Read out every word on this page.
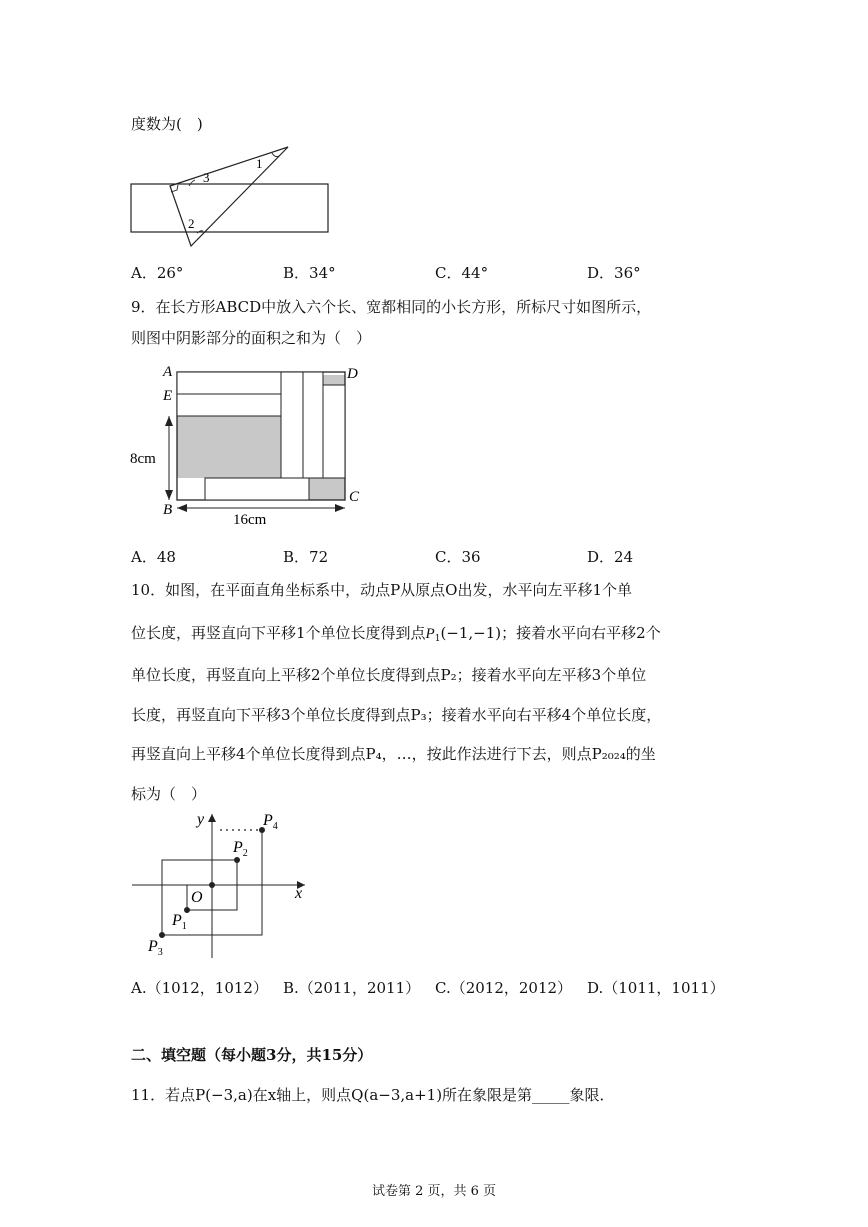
度数为(　)
1
3
2
A．26°	B．34°	C．44°	D．36°
9．在长方形ABCD中放入六个长、宽都相同的小长方形，所标尺寸如图所示，
则图中阴影部分的面积之和为（　）
A
E
D
B
C
8cm
16cm
A．48	B．72	C．36	D．24
10．如图，在平面直角坐标系中，动点P从原点O出发，水平向左平移1个单
位长度，再竖直向下平移1个单位长度得到点$P_1(-1,-1)$；接着水平向右平移2个
单位长度，再竖直向上平移2个单位长度得到点P₂；接着水平向左平移3个单位
长度，再竖直向下平移3个单位长度得到点P₃；接着水平向右平移4个单位长度，
再竖直向上平移4个单位长度得到点P₄，…，按此作法进行下去，则点P₂₀₂₄的坐
标为（　）
y
x
O
$P_1$
$P_2$
$P_3$
$P_4$
A.（1012，1012） B.（2011，2011） C.（2012，2012） D.（1011，1011）
二、填空题（每小题3分，共15分）
11．若点P(−3,a)在x轴上，则点Q(a−3,a+1)所在象限是第_____象限．
试卷第 2 页，共 6 页
